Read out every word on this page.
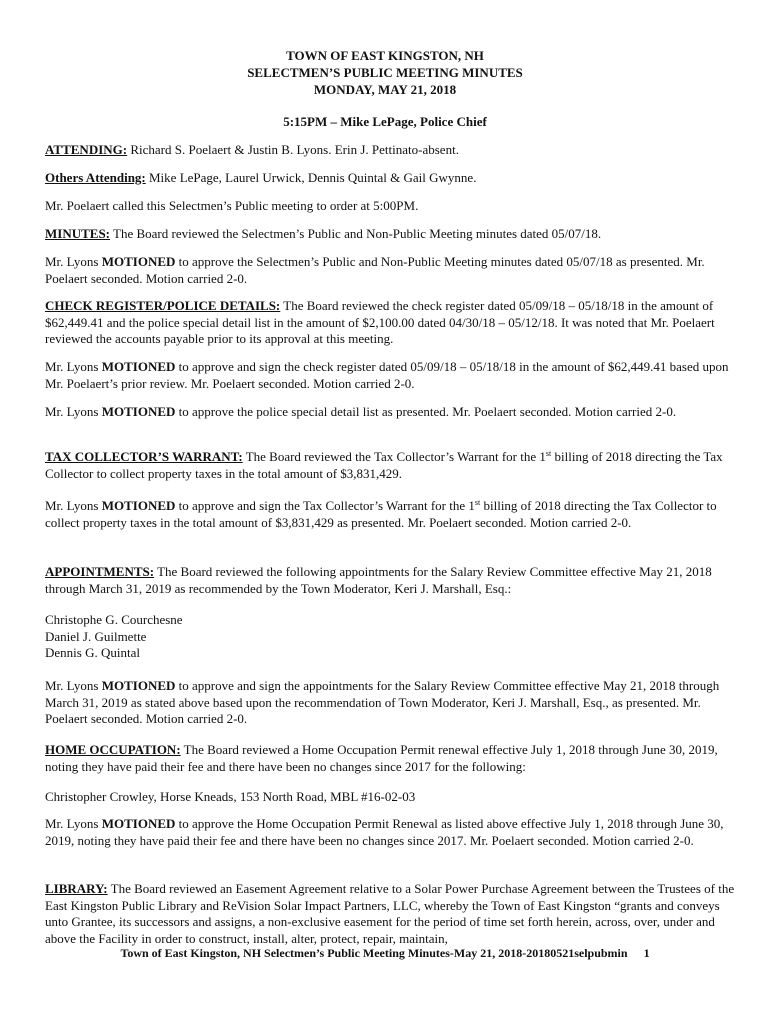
TOWN OF EAST KINGSTON, NH
SELECTMEN’S PUBLIC MEETING MINUTES
MONDAY, MAY 21, 2018
5:15PM – Mike LePage, Police Chief
ATTENDING: Richard S. Poelaert & Justin B. Lyons. Erin J. Pettinato-absent.
Others Attending: Mike LePage, Laurel Urwick, Dennis Quintal & Gail Gwynne.
Mr. Poelaert called this Selectmen’s Public meeting to order at 5:00PM.
MINUTES: The Board reviewed the Selectmen’s Public and Non-Public Meeting minutes dated 05/07/18.
Mr. Lyons MOTIONED to approve the Selectmen’s Public and Non-Public Meeting minutes dated 05/07/18 as presented. Mr. Poelaert seconded. Motion carried 2-0.
CHECK REGISTER/POLICE DETAILS: The Board reviewed the check register dated 05/09/18 – 05/18/18 in the amount of $62,449.41 and the police special detail list in the amount of $2,100.00 dated 04/30/18 – 05/12/18. It was noted that Mr. Poelaert reviewed the accounts payable prior to its approval at this meeting.
Mr. Lyons MOTIONED to approve and sign the check register dated 05/09/18 – 05/18/18 in the amount of $62,449.41 based upon Mr. Poelaert’s prior review. Mr. Poelaert seconded. Motion carried 2-0.
Mr. Lyons MOTIONED to approve the police special detail list as presented. Mr. Poelaert seconded. Motion carried 2-0.
TAX COLLECTOR’S WARRANT: The Board reviewed the Tax Collector’s Warrant for the 1st billing of 2018 directing the Tax Collector to collect property taxes in the total amount of $3,831,429.
Mr. Lyons MOTIONED to approve and sign the Tax Collector’s Warrant for the 1st billing of 2018 directing the Tax Collector to collect property taxes in the total amount of $3,831,429 as presented. Mr. Poelaert seconded. Motion carried 2-0.
APPOINTMENTS: The Board reviewed the following appointments for the Salary Review Committee effective May 21, 2018 through March 31, 2019 as recommended by the Town Moderator, Keri J. Marshall, Esq.:
Christophe G. Courchesne
Daniel J. Guilmette
Dennis G. Quintal
Mr. Lyons MOTIONED to approve and sign the appointments for the Salary Review Committee effective May 21, 2018 through March 31, 2019 as stated above based upon the recommendation of Town Moderator, Keri J. Marshall, Esq., as presented. Mr. Poelaert seconded. Motion carried 2-0.
HOME OCCUPATION: The Board reviewed a Home Occupation Permit renewal effective July 1, 2018 through June 30, 2019, noting they have paid their fee and there have been no changes since 2017 for the following:
Christopher Crowley, Horse Kneads, 153 North Road, MBL #16-02-03
Mr. Lyons MOTIONED to approve the Home Occupation Permit Renewal as listed above effective July 1, 2018 through June 30, 2019, noting they have paid their fee and there have been no changes since 2017. Mr. Poelaert seconded. Motion carried 2-0.
LIBRARY: The Board reviewed an Easement Agreement relative to a Solar Power Purchase Agreement between the Trustees of the East Kingston Public Library and ReVision Solar Impact Partners, LLC, whereby the Town of East Kingston “grants and conveys unto Grantee, its successors and assigns, a non-exclusive easement for the period of time set forth herein, across, over, under and above the Facility in order to construct, install, alter, protect, repair, maintain,
Town of East Kingston, NH Selectmen’s Public Meeting Minutes-May 21, 2018-20180521selpubmin 1
